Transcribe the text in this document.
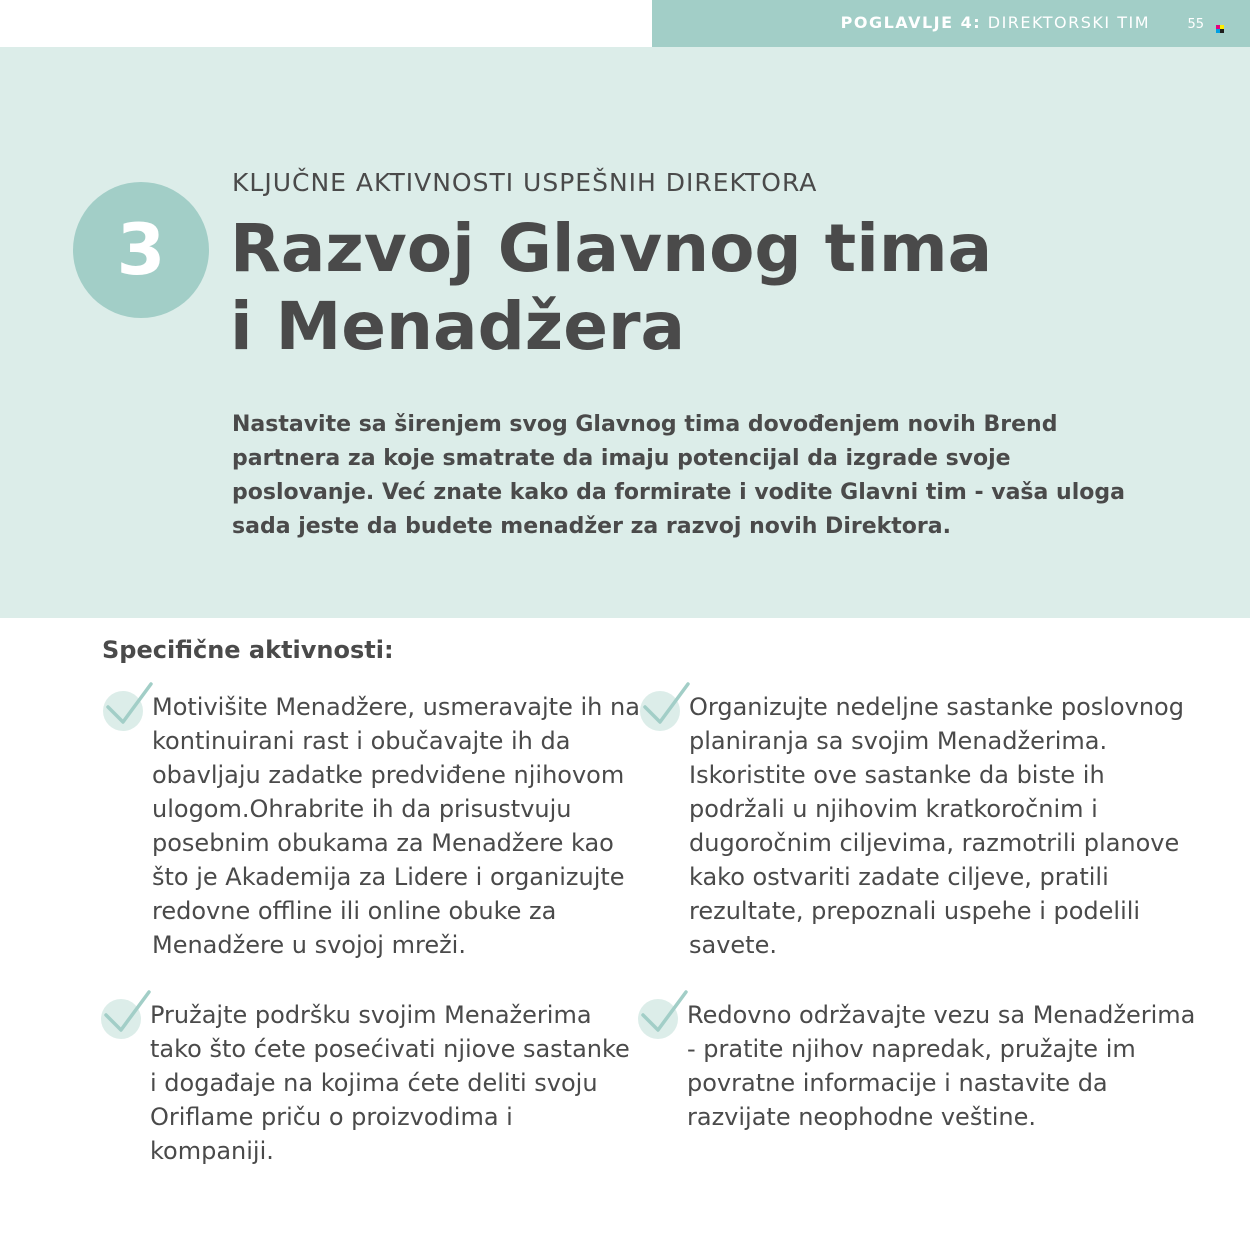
POGLAVLJE 4: DIREKTORSKI TIM	55
3
KLJUČNE AKTIVNOSTI USPEŠNIH DIREKTORA
Razvoj Glavnog tima
i Menadžera

Nastavite sa širenjem svog Glavnog tima dovođenjem novih Brend partnera za koje smatrate da imaju potencijal da izgrade svoje poslovanje. Već znate kako da formirate i vodite Glavni tim - vaša uloga sada jeste da budete menadžer za razvoj novih Direktora.

Specifične aktivnosti:

Motivišite Menadžere, usmeravajte ih na kontinuirani rast i obučavajte ih da obavljaju zadatke predviđene njihovom ulogom.Ohrabrite ih da prisustvuju posebnim obukama za Menadžere kao što je Akademija za Lidere i organizujte redovne offline ili online obuke za Menadžere u svojoj mreži.

Organizujte nedeljne sastanke poslovnog planiranja sa svojim Menadžerima. Iskoristite ove sastanke da biste ih podržali u njihovim kratkoročnim i dugoročnim ciljevima, razmotrili planove kako ostvariti zadate ciljeve, pratili rezultate, prepoznali uspehe i podelili savete.

Pružajte podršku svojim Menažerima tako što ćete posećivati njiove sastanke i događaje na kojima ćete deliti svoju Oriflame priču o proizvodima i kompaniji.

Redovno održavajte vezu sa Menadžerima - pratite njihov napredak, pružajte im povratne informacije i nastavite da razvijate neophodne veštine.
